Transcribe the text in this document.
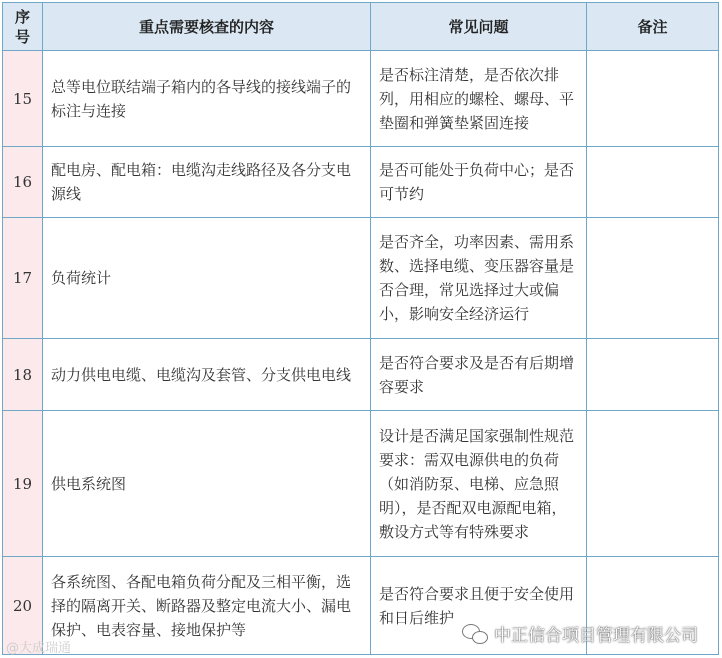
序号	重点需要核查的内容	常见问题	备注
15	总等电位联结端子箱内的各导线的接线端子的标注与连接	是否标注清楚，是否依次排列，用相应的螺栓、螺母、平垫圈和弹簧垫紧固连接	
16	配电房、配电箱：电缆沟走线路径及各分支电源线	是否可能处于负荷中心；是否可节约	
17	负荷统计	是否齐全，功率因素、需用系数、选择电缆、变压器容量是否合理，常见选择过大或偏小，影响安全经济运行	
18	动力供电电缆、电缆沟及套管、分支供电电线	是否符合要求及是否有后期增容要求	
19	供电系统图	设计是否满足国家强制性规范要求：需双电源供电的负荷（如消防泵、电梯、应急照明），是否配双电源配电箱，敷设方式等有特殊要求	
20	各系统图、各配电箱负荷分配及三相平衡，选择的隔离开关、断路器及整定电流大小、漏电保护、电表容量、接地保护等	是否符合要求且便于安全使用和日后维护	
@大成瑞通
中正信合项目管理有限公司
